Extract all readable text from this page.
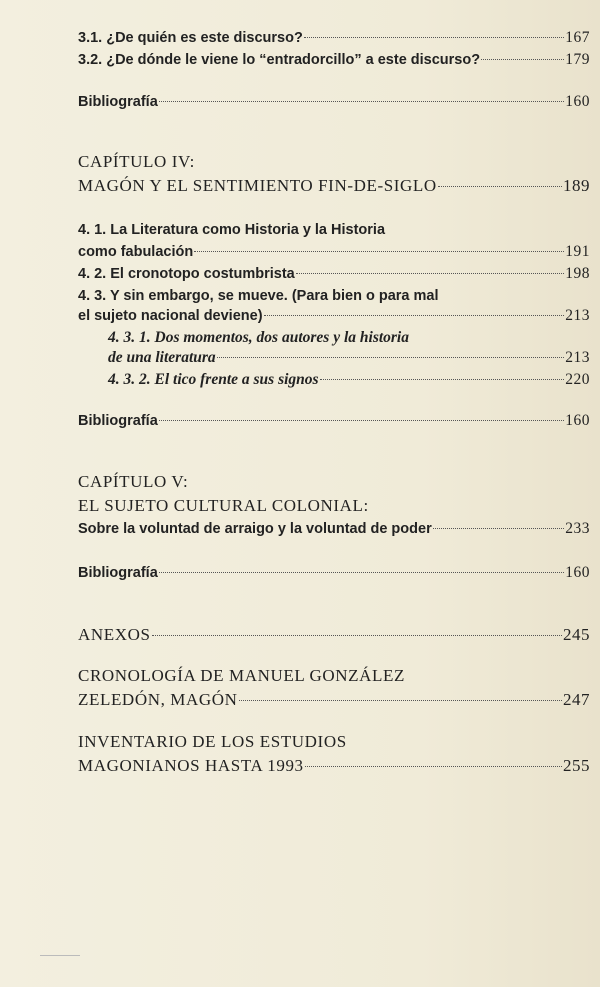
3.1. ¿De quién es este discurso?	167
3.2. ¿De dónde le viene lo “entradorcillo” a este discurso?	179
Bibliografía	160
CAPÍTULO IV:
MAGÓN Y EL SENTIMIENTO FIN-DE-SIGLO	189
4. 1. La Literatura como Historia y la Historia
como fabulación	191
4. 2. El cronotopo costumbrista	198
4. 3. Y sin embargo, se mueve. (Para bien o para mal
el sujeto nacional deviene)	213
4. 3. 1. Dos momentos, dos autores y la historia
de una literatura	213
4. 3. 2. El tico frente a sus signos	220
Bibliografía	160
CAPÍTULO V:
EL SUJETO CULTURAL COLONIAL:
Sobre la voluntad de arraigo y la voluntad de poder	233
Bibliografía	160
ANEXOS	245
CRONOLOGÍA DE MANUEL GONZÁLEZ
ZELEDÓN, MAGÓN	247
INVENTARIO DE LOS ESTUDIOS
MAGONIANOS HASTA 1993	255
